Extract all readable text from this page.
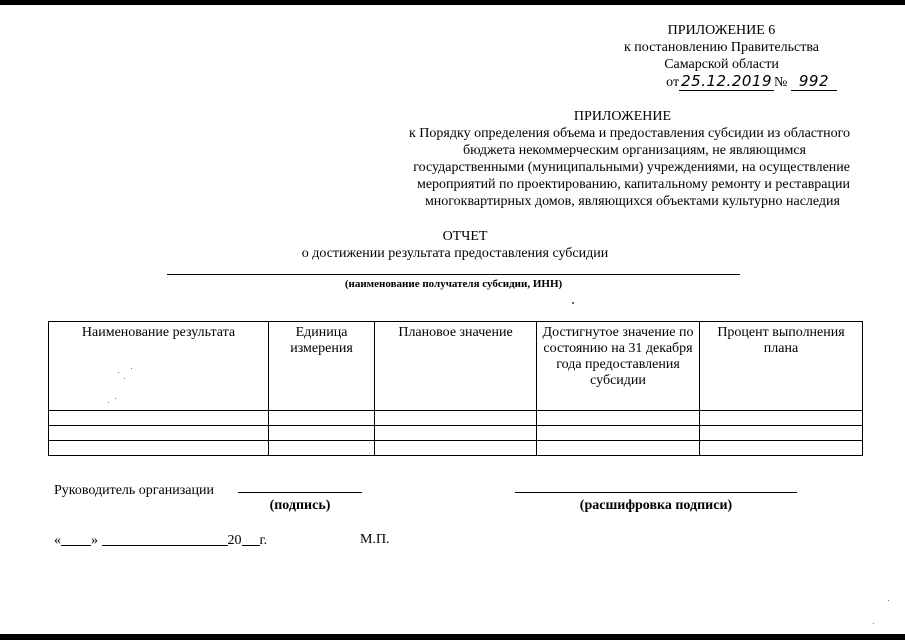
ПРИЛОЖЕНИЕ 6
к постановлению Правительства
Самарской области
от 25.12.2019 № 992
ПРИЛОЖЕНИЕ
к Порядку определения объема и предоставления субсидии из областного
бюджета некоммерческим организациям, не являющимся
государственными (муниципальными) учреждениями, на осуществление
мероприятий по проектированию, капитальному ремонту и реставрации
многоквартирных домов, являющихся объектами культурно наследия
ОТЧЕТ
о достижении результата предоставления субсидии
(наименование получателя субсидии, ИНН)
Наименование результата	Единица измерения	Плановое значение	Достигнутое значение по состоянию на 31 декабря года предоставления субсидии	Процент выполнения плана

Руководитель организации
(подпись)	(расшифровка подписи)
« »	20 г.	М.П.
